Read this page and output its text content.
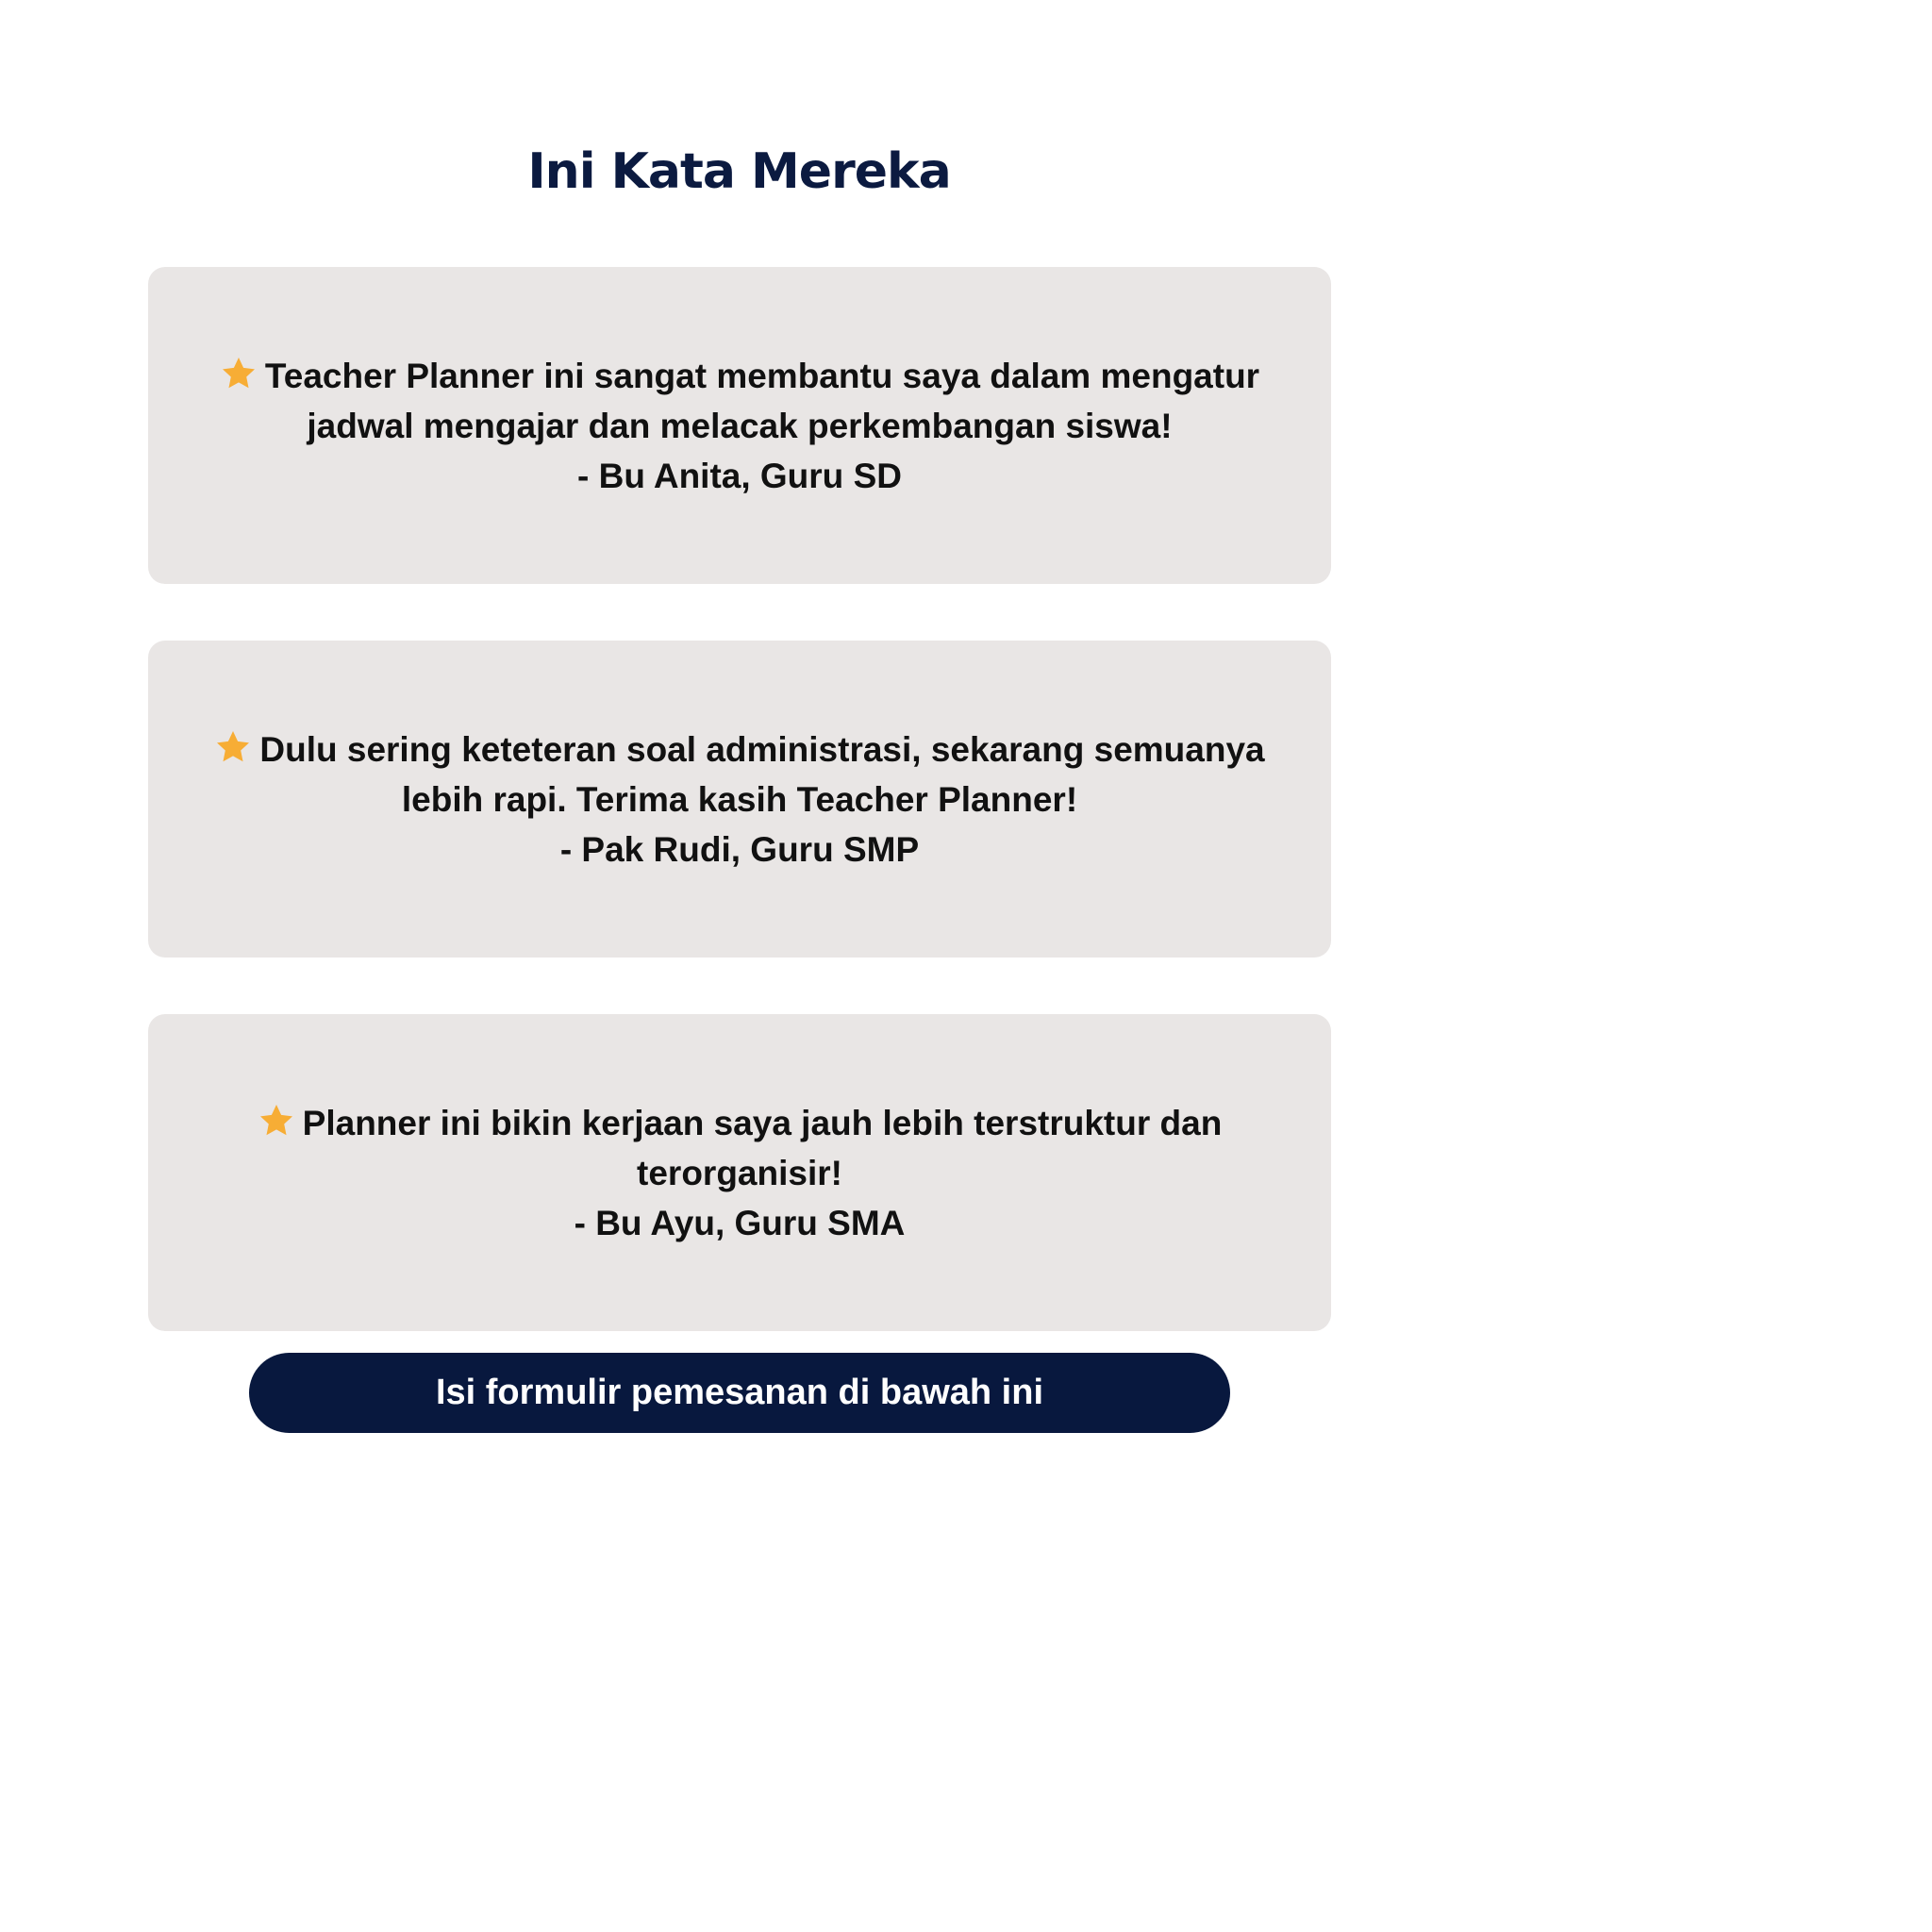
Ini Kata Mereka
Teacher Planner ini sangat membantu saya dalam mengatur
jadwal mengajar dan melacak perkembangan siswa!
- Bu Anita, Guru SD
Dulu sering keteteran soal administrasi, sekarang semuanya
lebih rapi. Terima kasih Teacher Planner!
- Pak Rudi, Guru SMP
Planner ini bikin kerjaan saya jauh lebih terstruktur dan
terorganisir!
- Bu Ayu, Guru SMA
Isi formulir pemesanan di bawah ini
